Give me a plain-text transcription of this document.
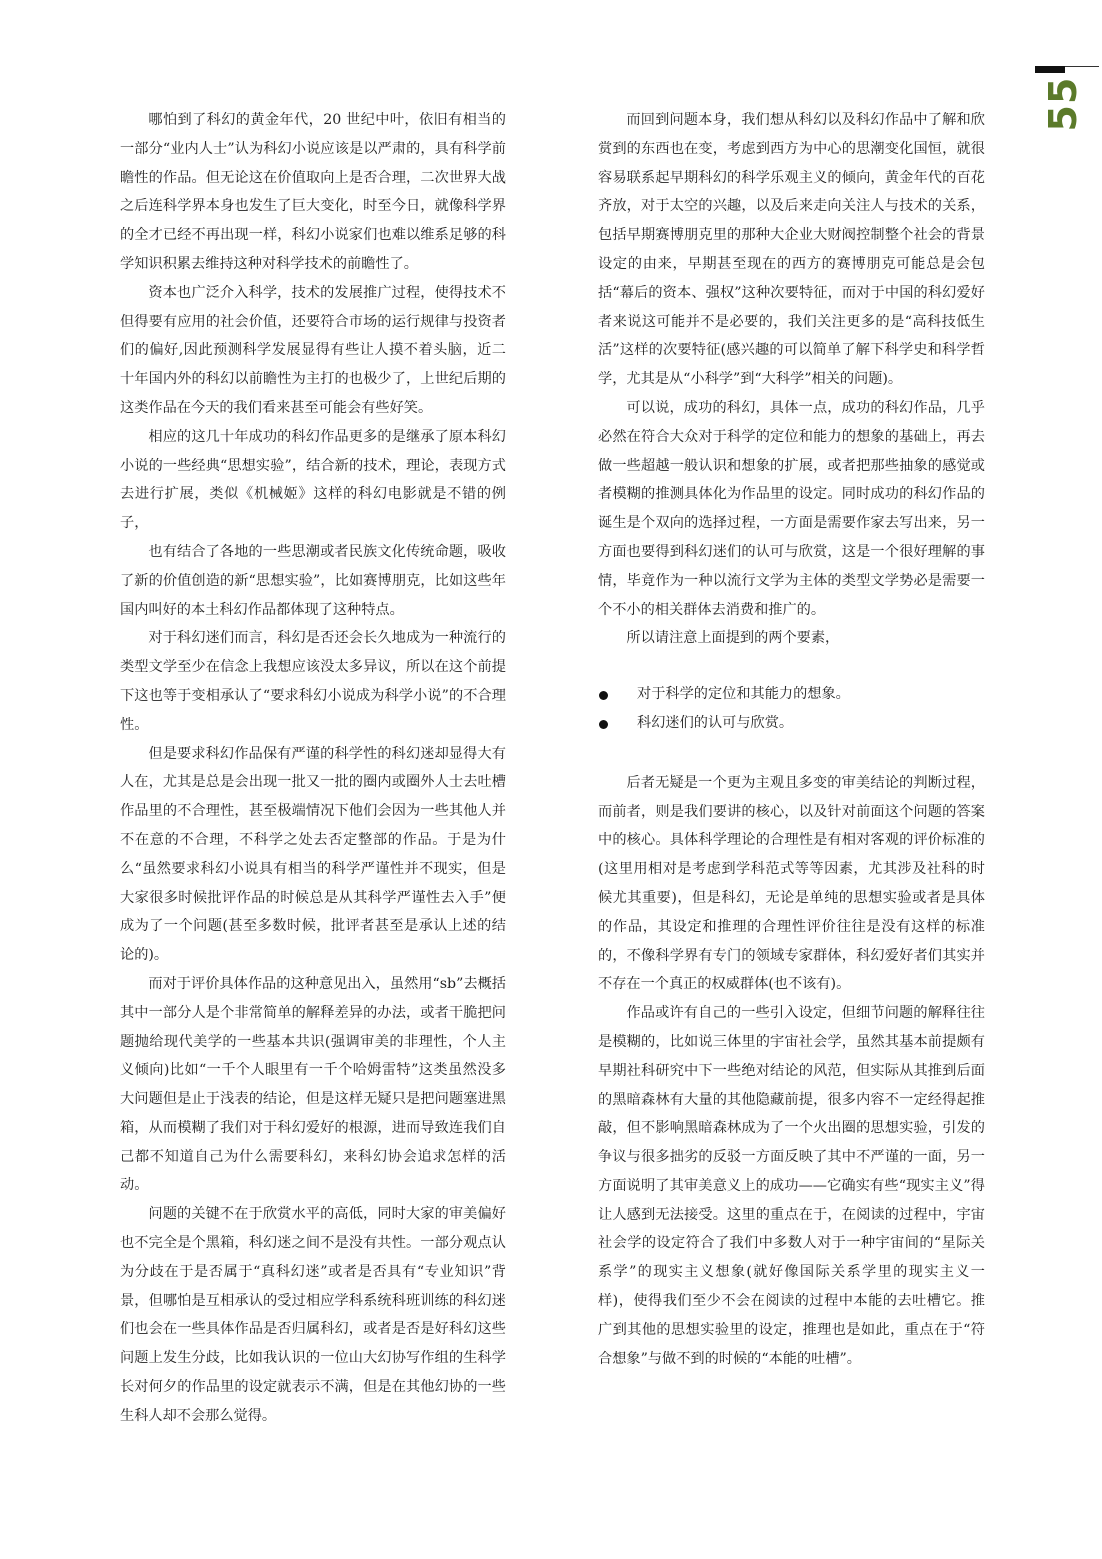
55

哪怕到了科幻的黄金年代，20 世纪中叶，依旧有相当的一部分“业内人士”认为科幻小说应该是以严肃的，具有科学前瞻性的作品。但无论这在价值取向上是否合理，二次世界大战之后连科学界本身也发生了巨大变化，时至今日，就像科学界的全才已经不再出现一样，科幻小说家们也难以维系足够的科学知识积累去维持这种对科学技术的前瞻性了。

资本也广泛介入科学，技术的发展推广过程，使得技术不但得要有应用的社会价值，还要符合市场的运行规律与投资者们的偏好,因此预测科学发展显得有些让人摸不着头脑，近二十年国内外的科幻以前瞻性为主打的也极少了，上世纪后期的这类作品在今天的我们看来甚至可能会有些好笑。

相应的这几十年成功的科幻作品更多的是继承了原本科幻小说的一些经典“思想实验”，结合新的技术，理论，表现方式去进行扩展，类似《机械姬》这样的科幻电影就是不错的例子，

也有结合了各地的一些思潮或者民族文化传统命题，吸收了新的价值创造的新“思想实验”，比如赛博朋克，比如这些年国内叫好的本土科幻作品都体现了这种特点。

对于科幻迷们而言，科幻是否还会长久地成为一种流行的类型文学至少在信念上我想应该没太多异议，所以在这个前提下这也等于变相承认了“要求科幻小说成为科学小说”的不合理性。

但是要求科幻作品保有严谨的科学性的科幻迷却显得大有人在，尤其是总是会出现一批又一批的圈内或圈外人士去吐槽作品里的不合理性，甚至极端情况下他们会因为一些其他人并不在意的不合理，不科学之处去否定整部的作品。于是为什么“虽然要求科幻小说具有相当的科学严谨性并不现实，但是大家很多时候批评作品的时候总是从其科学严谨性去入手”便成为了一个问题(甚至多数时候，批评者甚至是承认上述的结论的)。

而对于评价具体作品的这种意见出入，虽然用“sb”去概括其中一部分人是个非常简单的解释差异的办法，或者干脆把问题抛给现代美学的一些基本共识(强调审美的非理性，个人主义倾向)比如“一千个人眼里有一千个哈姆雷特”这类虽然没多大问题但是止于浅表的结论，但是这样无疑只是把问题塞进黑箱，从而模糊了我们对于科幻爱好的根源，进而导致连我们自己都不知道自己为什么需要科幻，来科幻协会追求怎样的活动。

问题的关键不在于欣赏水平的高低，同时大家的审美偏好也不完全是个黑箱，科幻迷之间不是没有共性。一部分观点认为分歧在于是否属于“真科幻迷”或者是否具有“专业知识”背景，但哪怕是互相承认的受过相应学科系统科班训练的科幻迷们也会在一些具体作品是否归属科幻，或者是否是好科幻这些问题上发生分歧，比如我认识的一位山大幻协写作组的生科学长对何夕的作品里的设定就表示不满，但是在其他幻协的一些生科人却不会那么觉得。

而回到问题本身，我们想从科幻以及科幻作品中了解和欣赏到的东西也在变，考虑到西方为中心的思潮变化国恒，就很容易联系起早期科幻的科学乐观主义的倾向，黄金年代的百花齐放，对于太空的兴趣，以及后来走向关注人与技术的关系，包括早期赛博朋克里的那种大企业大财阀控制整个社会的背景设定的由来，早期甚至现在的西方的赛博朋克可能总是会包括“幕后的资本、强权”这种次要特征，而对于中国的科幻爱好者来说这可能并不是必要的，我们关注更多的是“高科技低生活”这样的次要特征(感兴趣的可以简单了解下科学史和科学哲学，尤其是从“小科学”到“大科学”相关的问题)。

可以说，成功的科幻，具体一点，成功的科幻作品，几乎必然在符合大众对于科学的定位和能力的想象的基础上，再去做一些超越一般认识和想象的扩展，或者把那些抽象的感觉或者模糊的推测具体化为作品里的设定。同时成功的科幻作品的诞生是个双向的选择过程，一方面是需要作家去写出来，另一方面也要得到科幻迷们的认可与欣赏，这是一个很好理解的事情，毕竟作为一种以流行文学为主体的类型文学势必是需要一个不小的相关群体去消费和推广的。

所以请注意上面提到的两个要素，

对于科学的定位和其能力的想象。
科幻迷们的认可与欣赏。

后者无疑是一个更为主观且多变的审美结论的判断过程，而前者，则是我们要讲的核心，以及针对前面这个问题的答案中的核心。具体科学理论的合理性是有相对客观的评价标准的(这里用相对是考虑到学科范式等等因素，尤其涉及社科的时候尤其重要)，但是科幻，无论是单纯的思想实验或者是具体的作品，其设定和推理的合理性评价往往是没有这样的标准的，不像科学界有专门的领域专家群体，科幻爱好者们其实并不存在一个真正的权威群体(也不该有)。

作品或许有自己的一些引入设定，但细节问题的解释往往是模糊的，比如说三体里的宇宙社会学，虽然其基本前提颇有早期社科研究中下一些绝对结论的风范，但实际从其推到后面的黑暗森林有大量的其他隐藏前提，很多内容不一定经得起推敲，但不影响黑暗森林成为了一个火出圈的思想实验，引发的争议与很多拙劣的反驳一方面反映了其中不严谨的一面，另一方面说明了其审美意义上的成功——它确实有些“现实主义”得让人感到无法接受。这里的重点在于，在阅读的过程中，宇宙社会学的设定符合了我们中多数人对于一种宇宙间的“星际关系学”的现实主义想象(就好像国际关系学里的现实主义一样)，使得我们至少不会在阅读的过程中本能的去吐槽它。推广到其他的思想实验里的设定，推理也是如此，重点在于“符合想象”与做不到的时候的“本能的吐槽”。
